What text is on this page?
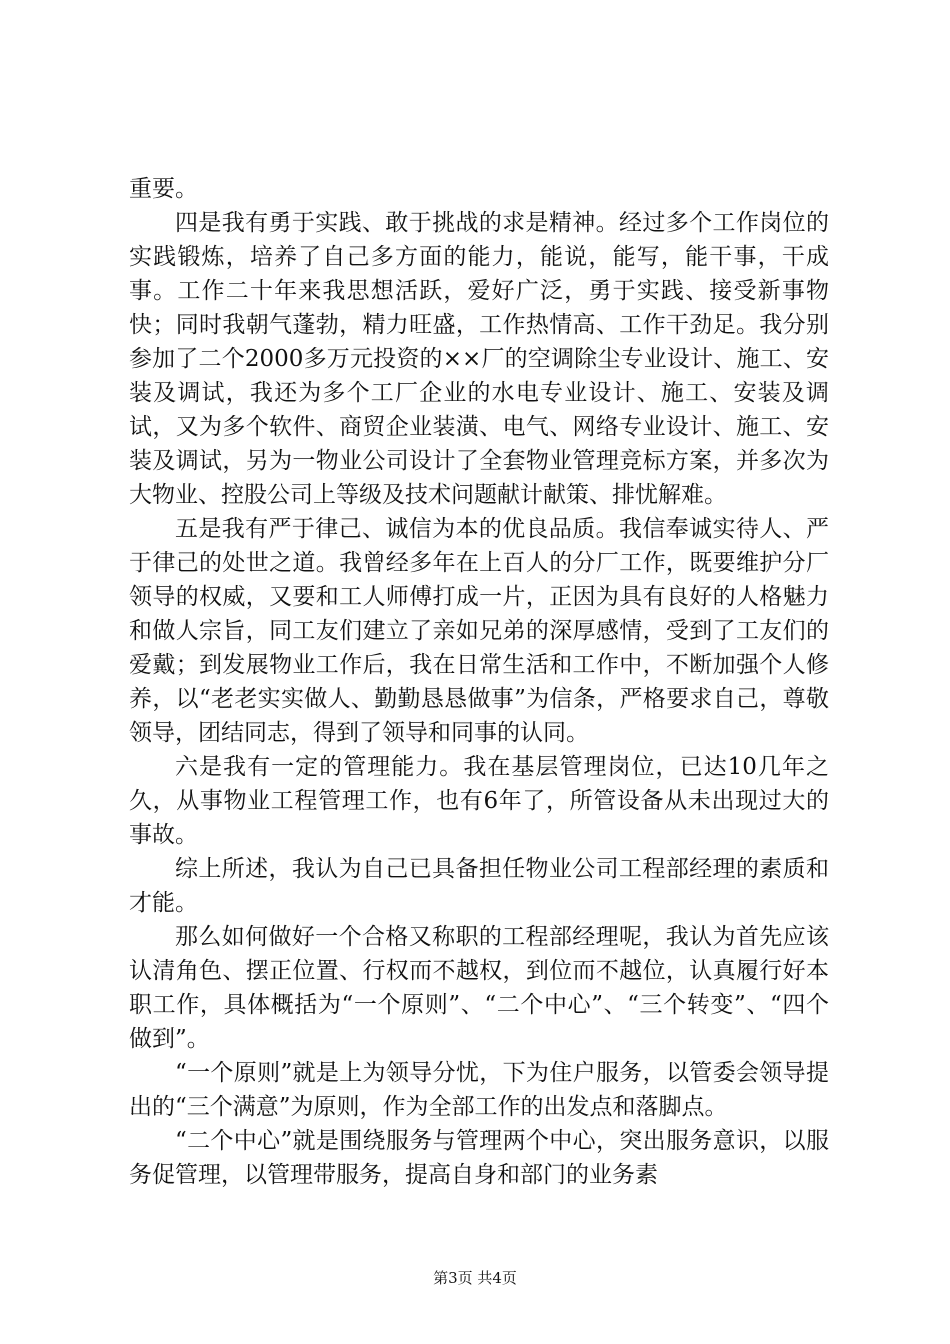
重要。

四是我有勇于实践、敢于挑战的求是精神。经过多个工作岗位的实践锻炼，培养了自己多方面的能力，能说，能写，能干事，干成事。工作二十年来我思想活跃，爱好广泛，勇于实践、接受新事物快；同时我朝气蓬勃，精力旺盛，工作热情高、工作干劲足。我分别参加了二个2000多万元投资的××厂的空调除尘专业设计、施工、安装及调试，我还为多个工厂企业的水电专业设计、施工、安装及调试，又为多个软件、商贸企业装潢、电气、网络专业设计、施工、安装及调试，另为一物业公司设计了全套物业管理竞标方案，并多次为大物业、控股公司上等级及技术问题献计献策、排忧解难。

五是我有严于律己、诚信为本的优良品质。我信奉诚实待人、严于律己的处世之道。我曾经多年在上百人的分厂工作，既要维护分厂领导的权威，又要和工人师傅打成一片，正因为具有良好的人格魅力和做人宗旨，同工友们建立了亲如兄弟的深厚感情，受到了工友们的爱戴；到发展物业工作后，我在日常生活和工作中，不断加强个人修养，以“老老实实做人、勤勤恳恳做事”为信条，严格要求自己，尊敬领导，团结同志，得到了领导和同事的认同。

六是我有一定的管理能力。我在基层管理岗位，已达10几年之久，从事物业工程管理工作，也有6年了，所管设备从未出现过大的事故。

综上所述，我认为自己已具备担任物业公司工程部经理的素质和才能。

那么如何做好一个合格又称职的工程部经理呢，我认为首先应该认清角色、摆正位置、行权而不越权，到位而不越位，认真履行好本职工作，具体概括为“一个原则”、“二个中心”、“三个转变”、“四个做到”。

“一个原则”就是上为领导分忧，下为住户服务，以管委会领导提出的“三个满意”为原则，作为全部工作的出发点和落脚点。

“二个中心”就是围绕服务与管理两个中心，突出服务意识，以服务促管理，以管理带服务，提高自身和部门的业务素

第3页 共4页
